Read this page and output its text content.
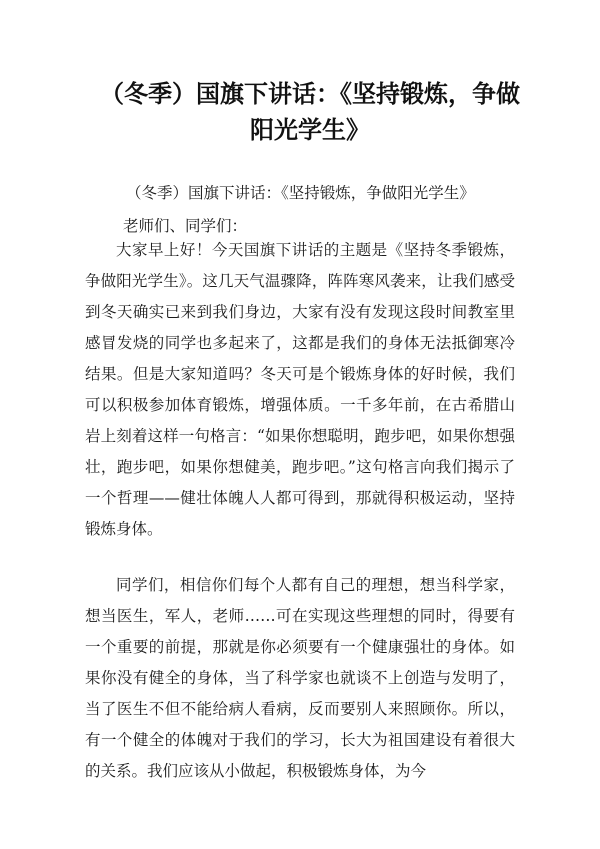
（冬季）国旗下讲话：《坚持锻炼，争做阳光学生》
（冬季）国旗下讲话：《坚持锻炼，争做阳光学生》
老师们、同学们：

大家早上好！今天国旗下讲话的主题是《坚持冬季锻炼，争做阳光学生》。这几天气温骤降，阵阵寒风袭来，让我们感受到冬天确实已来到我们身边，大家有没有发现这段时间教室里感冒发烧的同学也多起来了，这都是我们的身体无法抵御寒冷结果。但是大家知道吗？冬天可是个锻炼身体的好时候，我们可以积极参加体育锻炼，增强体质。一千多年前，在古希腊山岩上刻着这样一句格言：“如果你想聪明，跑步吧，如果你想强壮，跑步吧，如果你想健美，跑步吧。”这句格言向我们揭示了一个哲理——健壮体魄人人都可得到，那就得积极运动，坚持锻炼身体。

同学们，相信你们每个人都有自己的理想，想当科学家，想当医生，军人，老师……可在实现这些理想的同时，得要有一个重要的前提，那就是你必须要有一个健康强壮的身体。如果你没有健全的身体，当了科学家也就谈不上创造与发明了，当了医生不但不能给病人看病，反而要别人来照顾你。所以，有一个健全的体魄对于我们的学习，长大为祖国建设有着很大的关系。我们应该从小做起，积极锻炼身体，为今
